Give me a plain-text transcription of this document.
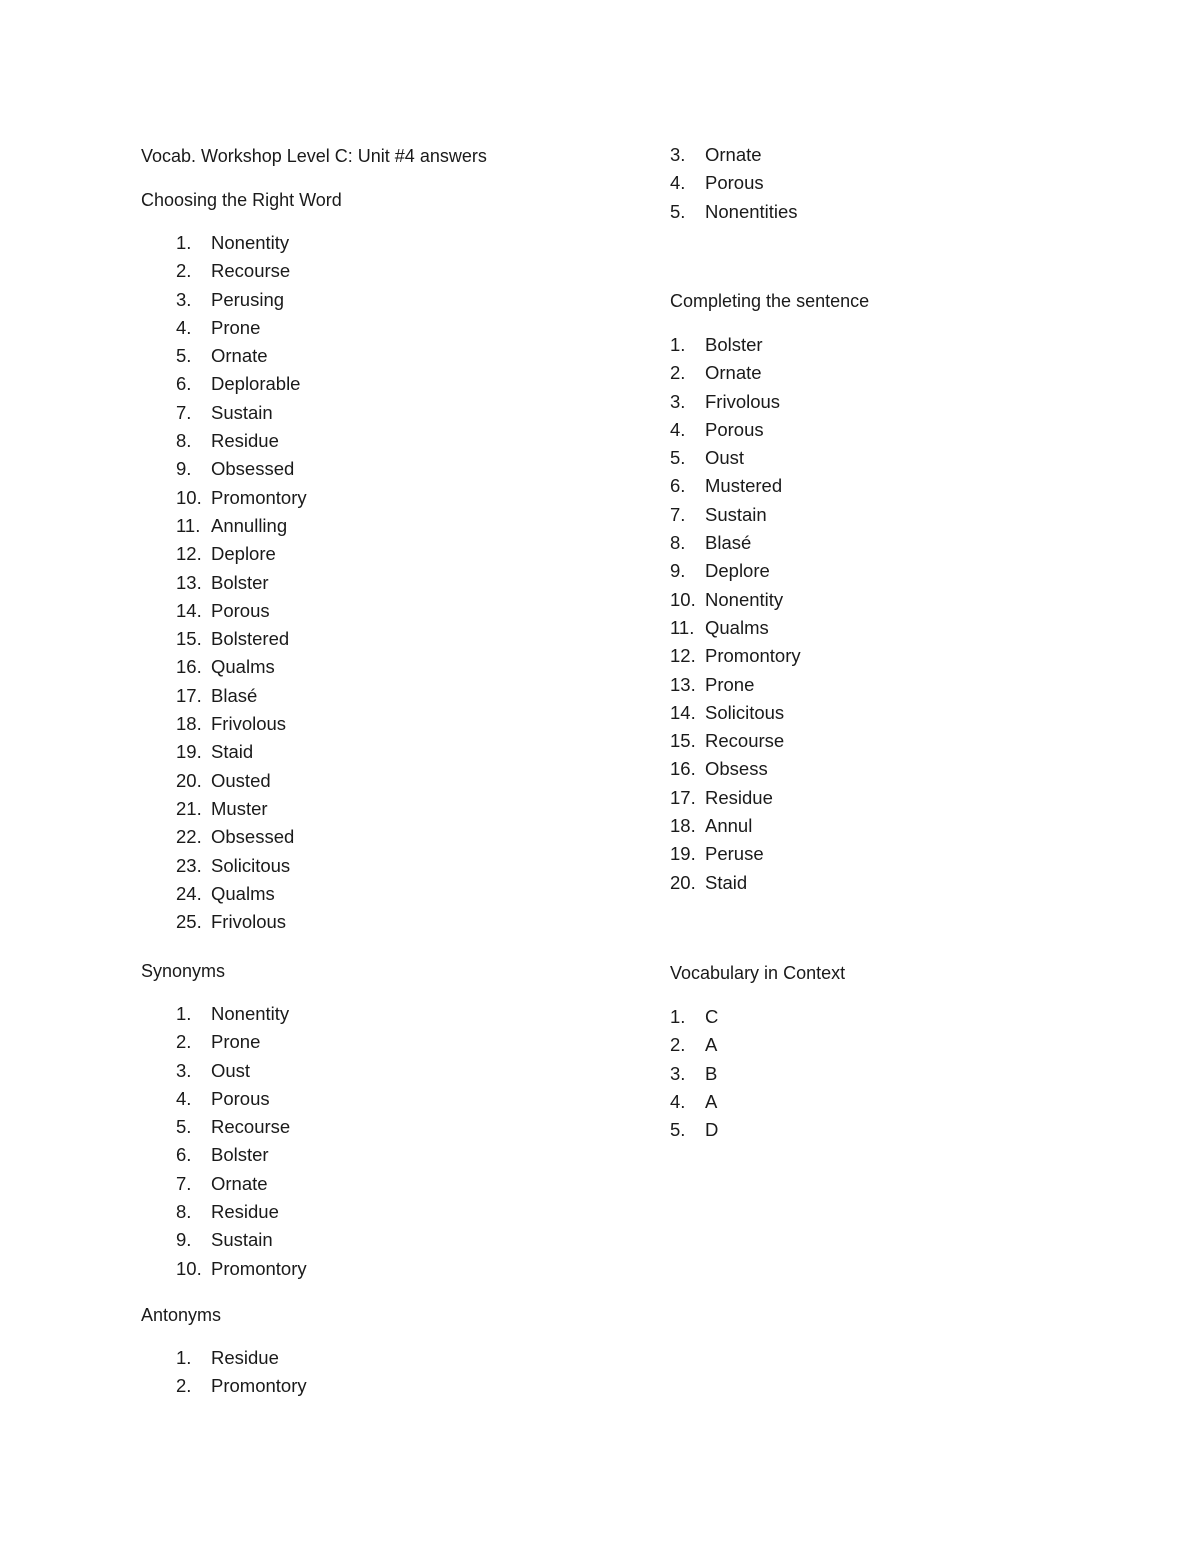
Vocab. Workshop Level C: Unit #4 answers
Choosing the Right Word
1. Nonentity
2. Recourse
3. Perusing
4. Prone
5. Ornate
6. Deplorable
7. Sustain
8. Residue
9. Obsessed
10. Promontory
11. Annulling
12. Deplore
13. Bolster
14. Porous
15. Bolstered
16. Qualms
17. Blasé
18. Frivolous
19. Staid
20. Ousted
21. Muster
22. Obsessed
23. Solicitous
24. Qualms
25. Frivolous
Synonyms
1. Nonentity
2. Prone
3. Oust
4. Porous
5. Recourse
6. Bolster
7. Ornate
8. Residue
9. Sustain
10. Promontory
Antonyms
1. Residue
2. Promontory
3. Ornate
4. Porous
5. Nonentities
Completing the sentence
1. Bolster
2. Ornate
3. Frivolous
4. Porous
5. Oust
6. Mustered
7. Sustain
8. Blasé
9. Deplore
10. Nonentity
11. Qualms
12. Promontory
13. Prone
14. Solicitous
15. Recourse
16. Obsess
17. Residue
18. Annul
19. Peruse
20. Staid
Vocabulary in Context
1. C
2. A
3. B
4. A
5. D
